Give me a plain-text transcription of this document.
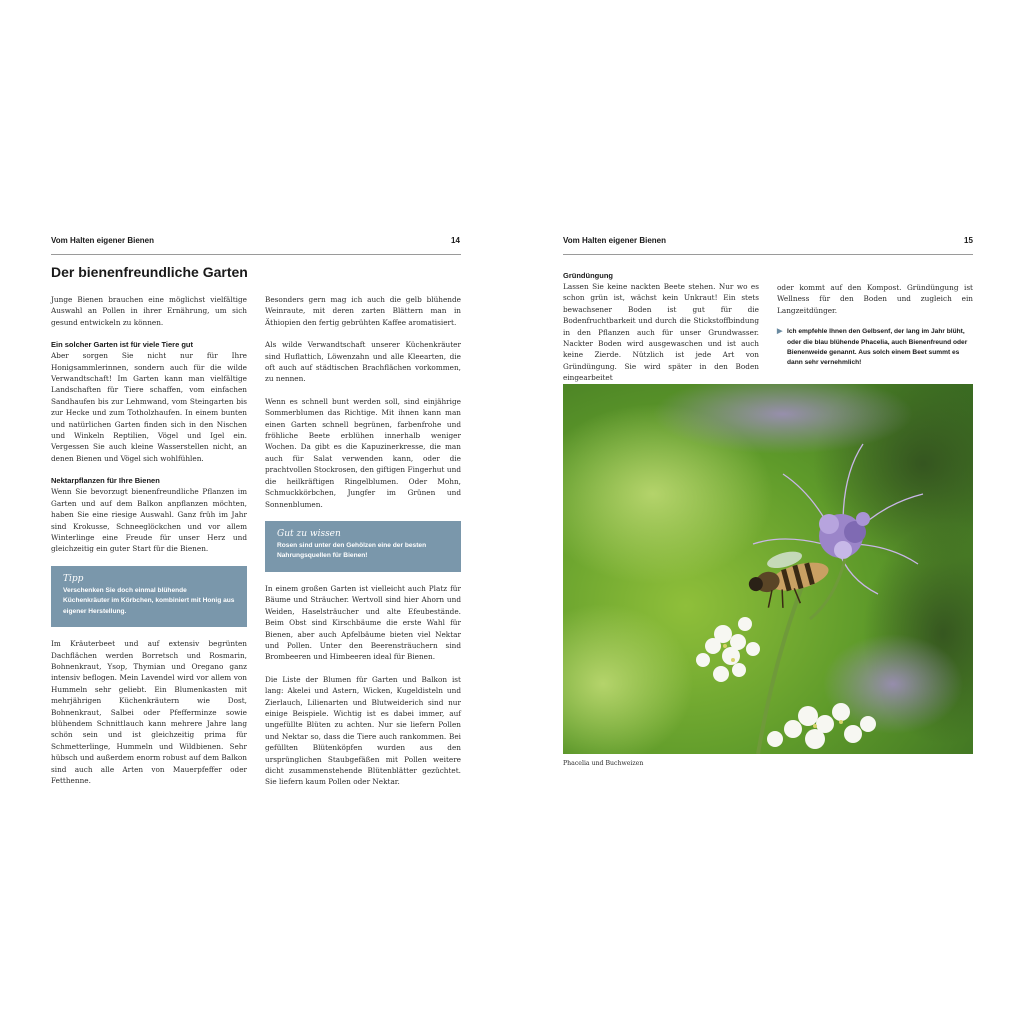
Vom Halten eigener Bienen	14
Der bienenfreundliche Garten

Junge Bienen brauchen eine möglichst vielfältige Auswahl an Pollen in ihrer Ernährung, um sich gesund entwickeln zu können.

Ein solcher Garten ist für viele Tiere gut

Aber sorgen Sie nicht nur für Ihre Honigsammlerinnen, sondern auch für die wilde Verwandtschaft! Im Garten kann man vielfältige Landschaften für Tiere schaffen, vom einfachen Sandhaufen bis zur Lehmwand, vom Steingarten bis zur Hecke und zum Totholzhaufen. In einem bunten und natürlichen Garten finden sich in den Nischen und Winkeln Reptilien, Vögel und Igel ein. Vergessen Sie auch kleine Wasserstellen nicht, an denen Bienen und Vögel sich wohlfühlen.

Nektarpflanzen für Ihre Bienen

Wenn Sie bevorzugt bienenfreundliche Pflanzen im Garten und auf dem Balkon anpflanzen möchten, haben Sie eine riesige Auswahl. Ganz früh im Jahr sind Krokusse, Schneeglöckchen und vor allem Winterlinge eine Freude für unser Herz und gleichzeitig ein guter Start für die Bienen.

Tipp
Verschenken Sie doch einmal blühende Küchenkräuter im Körbchen, kombiniert mit Honig aus eigener Herstellung.

Im Kräuterbeet und auf extensiv begrünten Dachflächen werden Borretsch und Rosmarin, Bohnenkraut, Ysop, Thymian und Oregano ganz intensiv beflogen. Mein Lavendel wird vor allem von Hummeln sehr geliebt. Ein Blumenkasten mit mehrjährigen Küchenkräutern wie Dost, Bohnenkraut, Salbei oder Pfefferminze sowie blühendem Schnittlauch kann mehrere Jahre lang schön sein und ist gleichzeitig prima für Schmetterlinge, Hummeln und Wildbienen. Sehr hübsch und außerdem enorm robust auf dem Balkon sind auch alle Arten von Mauerpfeffer oder Fetthenne.

Besonders gern mag ich auch die gelb blühende Weinraute, mit deren zarten Blättern man in Äthiopien den fertig gebrühten Kaffee aromatisiert.

Als wilde Verwandtschaft unserer Küchenkräuter sind Huflattich, Löwenzahn und alle Kleearten, die oft auch auf städtischen Brachflächen vorkommen, zu nennen.

Wenn es schnell bunt werden soll, sind einjährige Sommerblumen das Richtige. Mit ihnen kann man einen Garten schnell begrünen, farbenfrohe und fröhliche Beete erblühen innerhalb weniger Wochen. Da gibt es die Kapuzinerkresse, die man auch für Salat verwenden kann, oder die prachtvollen Stockrosen, den giftigen Fingerhut und die heilkräftigen Ringelblumen. Oder Mohn, Schmuckkörbchen, Jungfer im Grünen und Sonnenblumen.

Gut zu wissen
Rosen sind unter den Gehölzen eine der besten Nahrungsquellen für Bienen!

In einem großen Garten ist vielleicht auch Platz für Bäume und Sträucher. Wertvoll sind hier Ahorn und Weiden, Haselsträucher und alte Efeubestände. Beim Obst sind Kirschbäume die erste Wahl für Bienen, aber auch Apfelbäume bieten viel Nektar und Pollen. Unter den Beerensträuchern sind Brombeeren und Himbeeren ideal für Bienen.

Die Liste der Blumen für Garten und Balkon ist lang: Akelei und Astern, Wicken, Kugeldisteln und Zierlauch, Lilienarten und Blutweiderich sind nur einige Beispiele. Wichtig ist es dabei immer, auf ungefüllte Blüten zu achten. Nur sie liefern Pollen und Nektar so, dass die Tiere auch rankommen. Bei gefüllten Blütenköpfen wurden aus den ursprünglichen Staubgefäßen mit Pollen weitere dicht zusammenstehende Blütenblätter gezüchtet. Sie liefern kaum Pollen oder Nektar.

Vom Halten eigener Bienen	15
Gründüngung

Lassen Sie keine nackten Beete stehen. Nur wo es schon grün ist, wächst kein Unkraut! Ein stets bewachsener Boden ist gut für die Bodenfruchtbarkeit und durch die Stickstoffbindung in den Pflanzen auch für unser Grundwasser. Nackter Boden wird ausgewaschen und ist auch keine Zierde. Nützlich ist jede Art von Gründüngung. Sie wird später in den Boden eingearbeitet

oder kommt auf den Kompost. Gründüngung ist Wellness für den Boden und zugleich ein Langzeitdünger.

▶ Ich empfehle Ihnen den Gelbsenf, der lang im Jahr blüht, oder die blau blühende Phacelia, auch Bienenfreund oder Bienenweide genannt. Aus solch einem Beet summt es dann sehr vernehmlich!
Phacelia und Buchweizen
